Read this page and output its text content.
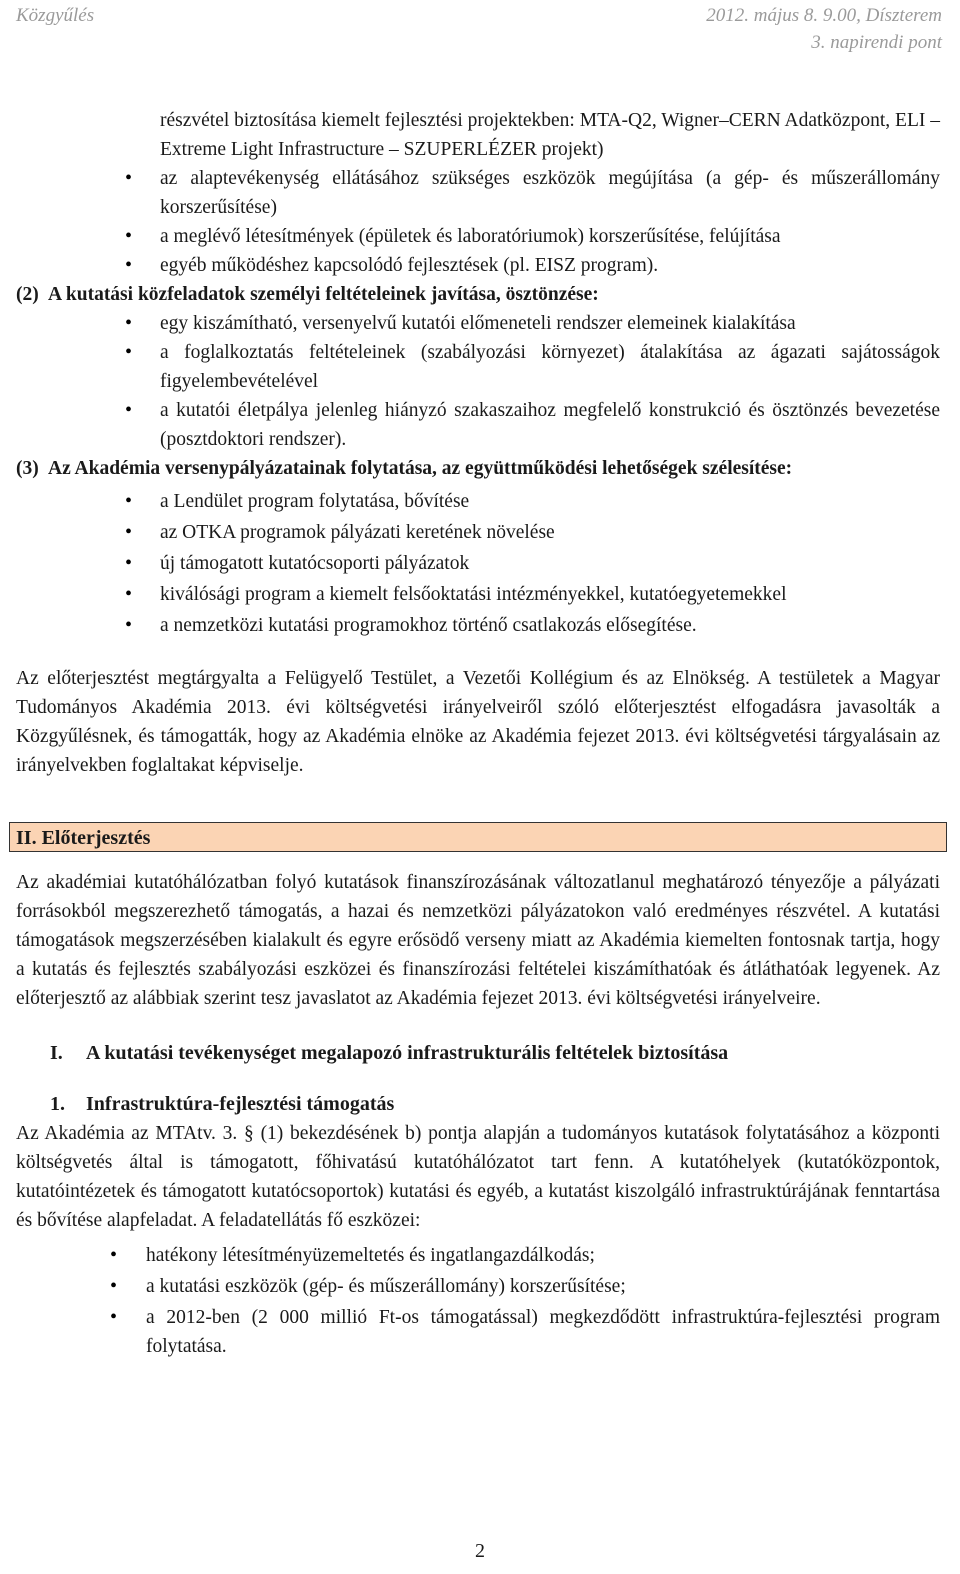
Közgyűlés	2012. május 8. 9.00, Díszterem
3. napirendi pont
részvétel biztosítása kiemelt fejlesztési projektekben: MTA-Q2, Wigner–CERN Adatközpont, ELI – Extreme Light Infrastructure – SZUPERLÉZER projekt)
• az alaptevékenység ellátásához szükséges eszközök megújítása (a gép- és műszerállomány korszerűsítése)
• a meglévő létesítmények (épületek és laboratóriumok) korszerűsítése, felújítása
• egyéb működéshez kapcsolódó fejlesztések (pl. EISZ program).
(2) A kutatási közfeladatok személyi feltételeinek javítása, ösztönzése:
• egy kiszámítható, versenyelvű kutatói előmeneteli rendszer elemeinek kialakítása
• a foglalkoztatás feltételeinek (szabályozási környezet) átalakítása az ágazati sajátosságok figyelembevételével
• a kutatói életpálya jelenleg hiányzó szakaszaihoz megfelelő konstrukció és ösztönzés bevezetése (posztdoktori rendszer).
(3) Az Akadémia versenypályázatainak folytatása, az együttműködési lehetőségek szélesítése:
• a Lendület program folytatása, bővítése
• az OTKA programok pályázati keretének növelése
• új támogatott kutatócsoporti pályázatok
• kiválósági program a kiemelt felsőoktatási intézményekkel, kutatóegyetemekkel
• a nemzetközi kutatási programokhoz történő csatlakozás elősegítése.

Az előterjesztést megtárgyalta a Felügyelő Testület, a Vezetői Kollégium és az Elnökség. A testületek a Magyar Tudományos Akadémia 2013. évi költségvetési irányelveiről szóló előterjesztést elfogadásra javasolták a Közgyűlésnek, és támogatták, hogy az Akadémia elnöke az Akadémia fejezet 2013. évi költségvetési tárgyalásain az irányelvekben foglaltakat képviselje.

II. Előterjesztés

Az akadémiai kutatóhálózatban folyó kutatások finanszírozásának változatlanul meghatározó tényezője a pályázati forrásokból megszerezhető támogatás, a hazai és nemzetközi pályázatokon való eredményes részvétel. A kutatási támogatások megszerzésében kialakult és egyre erősödő verseny miatt az Akadémia kiemelten fontosnak tartja, hogy a kutatás és fejlesztés szabályozási eszközei és finanszírozási feltételei kiszámíthatóak és átláthatóak legyenek. Az előterjesztő az alábbiak szerint tesz javaslatot az Akadémia fejezet 2013. évi költségvetési irányelveire.

I. A kutatási tevékenységet megalapozó infrastrukturális feltételek biztosítása
1. Infrastruktúra-fejlesztési támogatás

Az Akadémia az MTAtv. 3. § (1) bekezdésének b) pontja alapján a tudományos kutatások folytatásához a központi költségvetés által is támogatott, főhivatású kutatóhálózatot tart fenn. A kutatóhelyek (kutatóközpontok, kutatóintézetek és támogatott kutatócsoportok) kutatási és egyéb, a kutatást kiszolgáló infrastruktúrájának fenntartása és bővítése alapfeladat. A feladatellátás fő eszközei:

• hatékony létesítményüzemeltetés és ingatlangazdálkodás;
• a kutatási eszközök (gép- és műszerállomány) korszerűsítése;
• a 2012-ben (2 000 millió Ft-os támogatással) megkezdődött infrastruktúra-fejlesztési program folytatása.
2
